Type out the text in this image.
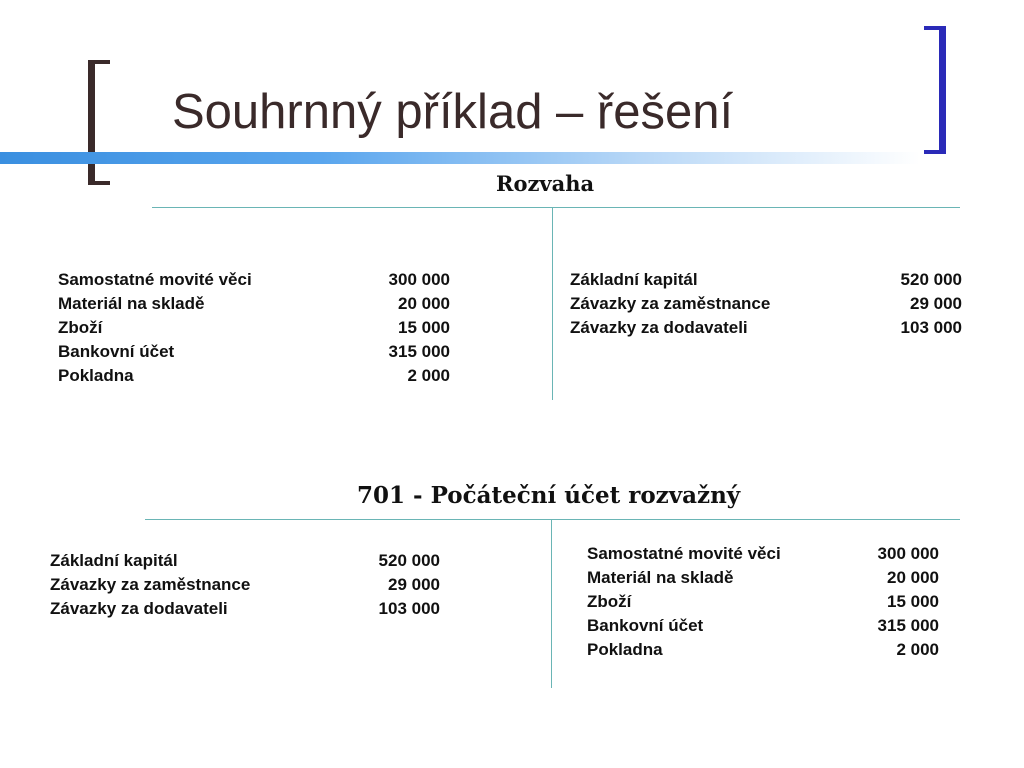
Souhrnný příklad – řešení
Rozvaha
Samostatné movité věci	300 000
Materiál na skladě	20 000
Zboží	15 000
Bankovní účet	315 000
Pokladna	2 000
Základní kapitál	520 000
Závazky za zaměstnance	29 000
Závazky za dodavateli	103 000
701 - Počáteční účet rozvažný
Základní kapitál	520 000
Závazky za zaměstnance	29 000
Závazky za dodavateli	103 000
Samostatné movité věci	300 000
Materiál na skladě	20 000
Zboží	15 000
Bankovní účet	315 000
Pokladna	2 000
